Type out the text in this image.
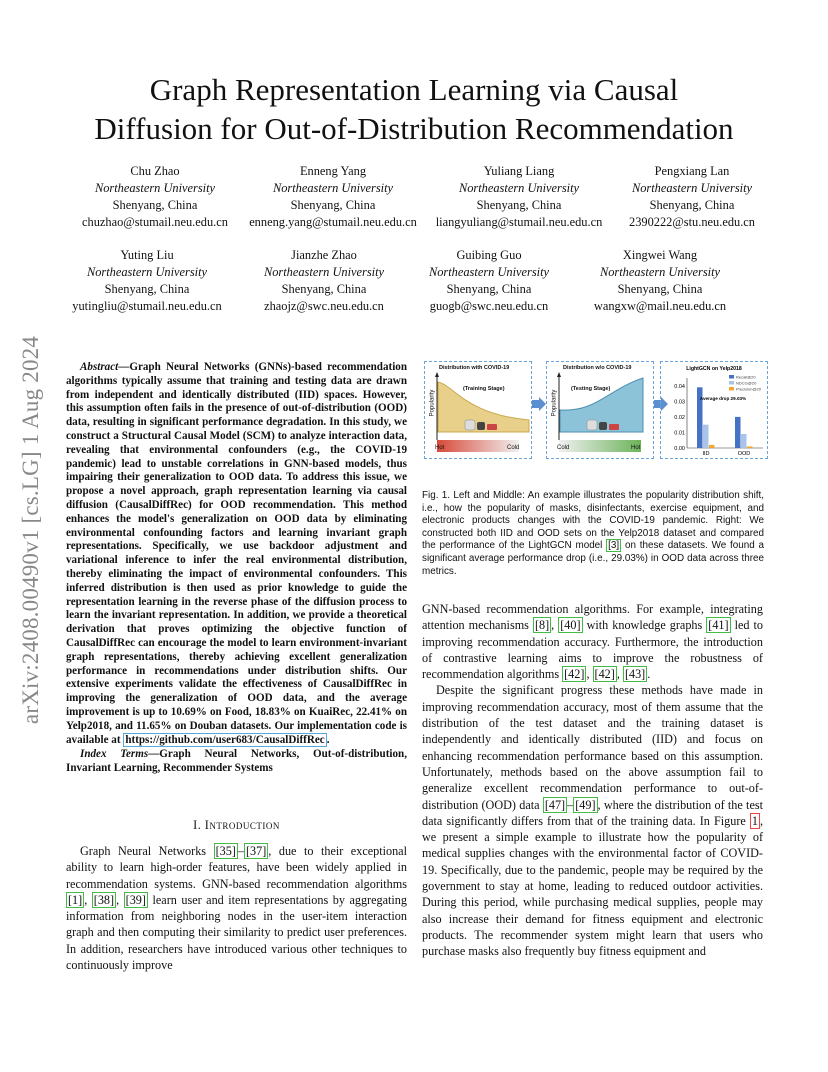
Graph Representation Learning via Causal
Diffusion for Out-of-Distribution Recommendation
Chu Zhao
Northeastern University
Shenyang, China
chuzhao@stumail.neu.edu.cn
Enneng Yang
Northeastern University
Shenyang, China
enneng.yang@stumail.neu.edu.cn
Yuliang Liang
Northeastern University
Shenyang, China
liangyuliang@stumail.neu.edu.cn
Pengxiang Lan
Northeastern University
Shenyang, China
2390222@stu.neu.edu.cn
Yuting Liu
Northeastern University
Shenyang, China
yutingliu@stumail.neu.edu.cn
Jianzhe Zhao
Northeastern University
Shenyang, China
zhaojz@swc.neu.edu.cn
Guibing Guo
Northeastern University
Shenyang, China
guogb@swc.neu.edu.cn
Xingwei Wang
Northeastern University
Shenyang, China
wangxw@mail.neu.edu.cn
arXiv:2408.00490v1 [cs.LG] 1 Aug 2024	Abstract—Graph Neural Networks (GNNs)-based recommendation algorithms typically assume that training and testing data are drawn from independent and identically distributed (IID) spaces. However, this assumption often fails in the presence of out-of-distribution (OOD) data, resulting in significant performance degradation. In this study, we construct a Structural Causal Model (SCM) to analyze interaction data, revealing that environmental confounders (e.g., the COVID-19 pandemic) lead to unstable correlations in GNN-based models, thus impairing their generalization to OOD data. To address this issue, we propose a novel approach, graph representation learning via causal diffusion (CausalDiffRec) for OOD recommendation. This method enhances the model's generalization on OOD data by eliminating environmental confounding factors and learning invariant graph representations. Specifically, we use backdoor adjustment and variational inference to infer the real environmental distribution, thereby eliminating the impact of environmental confounders. This inferred distribution is then used as prior knowledge to guide the representation learning in the reverse phase of the diffusion process to learn the invariant representation. In addition, we provide a theoretical derivation that proves optimizing the objective function of CausalDiffRec can encourage the model to learn environment-invariant graph representations, thereby achieving excellent generalization performance in recommendations under distribution shifts. Our extensive experiments validate the effectiveness of CausalDiffRec in improving the generalization of OOD data, and the average improvement is up to 10.69% on Food, 18.83% on KuaiRec, 22.41% on Yelp2018, and 11.65% on Douban datasets. Our implementation code is available at https://github.com/user683/CausalDiffRec .
Index Terms—Graph Neural Networks, Out-of-distribution, Invariant Learning, Recommender Systems
I. Introduction

Graph Neural Networks [35] – [37] , due to their exceptional ability to learn high-order features, have been widely applied in recommendation systems. GNN-based recommendation algorithms [1] , [38] , [39] learn user and item representations by aggregating information from neighboring nodes in the user-item interaction graph and then computing their similarity to predict user preferences. In addition, researchers have introduced various other techniques to continuously improve

Distribution with COVID-19
(Training Stage)
Popularity
Hot	Cold
Distribution w/o COVID-19
(Testing Stage)
Popularity
Cold	Hot
LightGCN on Yelp2018
0.00
0.01
0.02
0.03
0.04
IID	OOD
Recall@20
NDCG@20
Precision@20
Average drop 29.03%
Fig. 1. Left and Middle: An example illustrates the popularity distribution shift, i.e., how the popularity of masks, disinfectants, exercise equipment, and electronic products changes with the COVID-19 pandemic. Right: We constructed both IID and OOD sets on the Yelp2018 dataset and compared the performance of the LightGCN model [3] on these datasets. We found a significant average performance drop (i.e., 29.03%) in OOD data across three metrics.

GNN-based recommendation algorithms. For example, integrating attention mechanisms [8] , [40] with knowledge graphs [41] led to improving recommendation accuracy. Furthermore, the introduction of contrastive learning aims to improve the robustness of recommendation algorithms [42] , [42] , [43] .

Despite the significant progress these methods have made in improving recommendation accuracy, most of them assume that the distribution of the test dataset and the training dataset is independently and identically distributed (IID) and focus on enhancing recommendation performance based on this assumption. Unfortunately, methods based on the above assumption fail to generalize excellent recommendation performance to out-of-distribution (OOD) data [47] – [49] , where the distribution of the test data significantly differs from that of the training data. In Figure 1 , we present a simple example to illustrate how the popularity of medical supplies changes with the environmental factor of COVID-19. Specifically, due to the pandemic, people may be required by the government to stay at home, leading to reduced outdoor activities. During this period, while purchasing medical supplies, people may also increase their demand for fitness equipment and electronic products. The recommender system might learn that users who purchase masks also frequently buy fitness equipment and
